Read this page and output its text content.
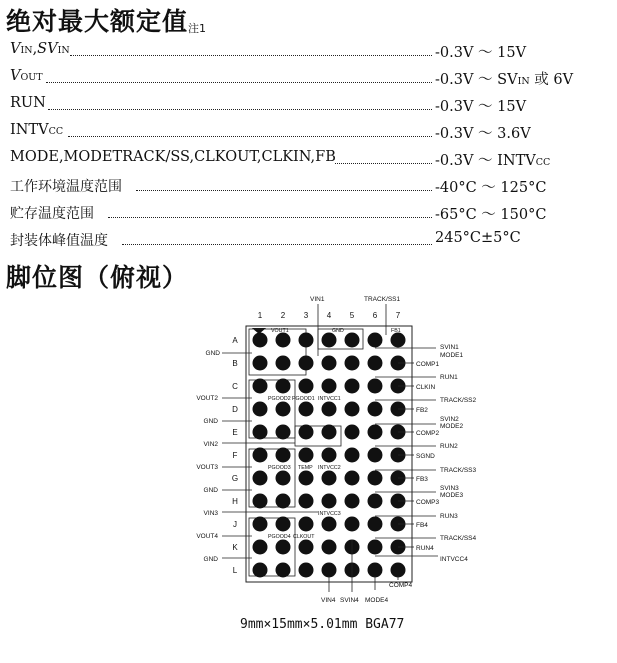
绝对最大额定值$_{注1}$
VIN,SVIN	-0.3V ～ 15V
VOUT	-0.3V ～ SVIN 或 6V
RUN	-0.3V ～ 15V
INTVCC	-0.3V ～ 3.6V
MODE,MODETRACK/SS,CLKOUT,CLKIN,FB	-0.3V ～ INTVCC
工作环境温度范围	-40°C ～ 125°C
贮存温度范围	-65°C ～ 150°C
封装体峰值温度	245°C±5°C
脚位图（俯视）
1 2 3 4 5 6 7
A
B
C
D
E
F
G
H
J
K
L
VIN1	TRACK/SS1
VOUT1	GND	FB1
PGOOD2 PGOOD1 INTVCC1
PGOOD3 TEMP INTVCC2
INTVCC3
PGOOD4 CLKOUT
GND
VOUT2
GND
VIN2
VOUT3
GND
VIN3
VOUT4
GND
SVIN1
MODE1
COMP1
RUN1
CLKIN
TRACK/SS2
FB2
SVIN2
MODE2
COMP2
RUN2
SGND
TRACK/SS3
FB3
SVIN3
MODE3
COMP3
RUN3
FB4
TRACK/SS4
RUN4
INTVCC4
VIN4 SVIN4 MODE4
COMP4
9mm×15mm×5.01mm BGA77
